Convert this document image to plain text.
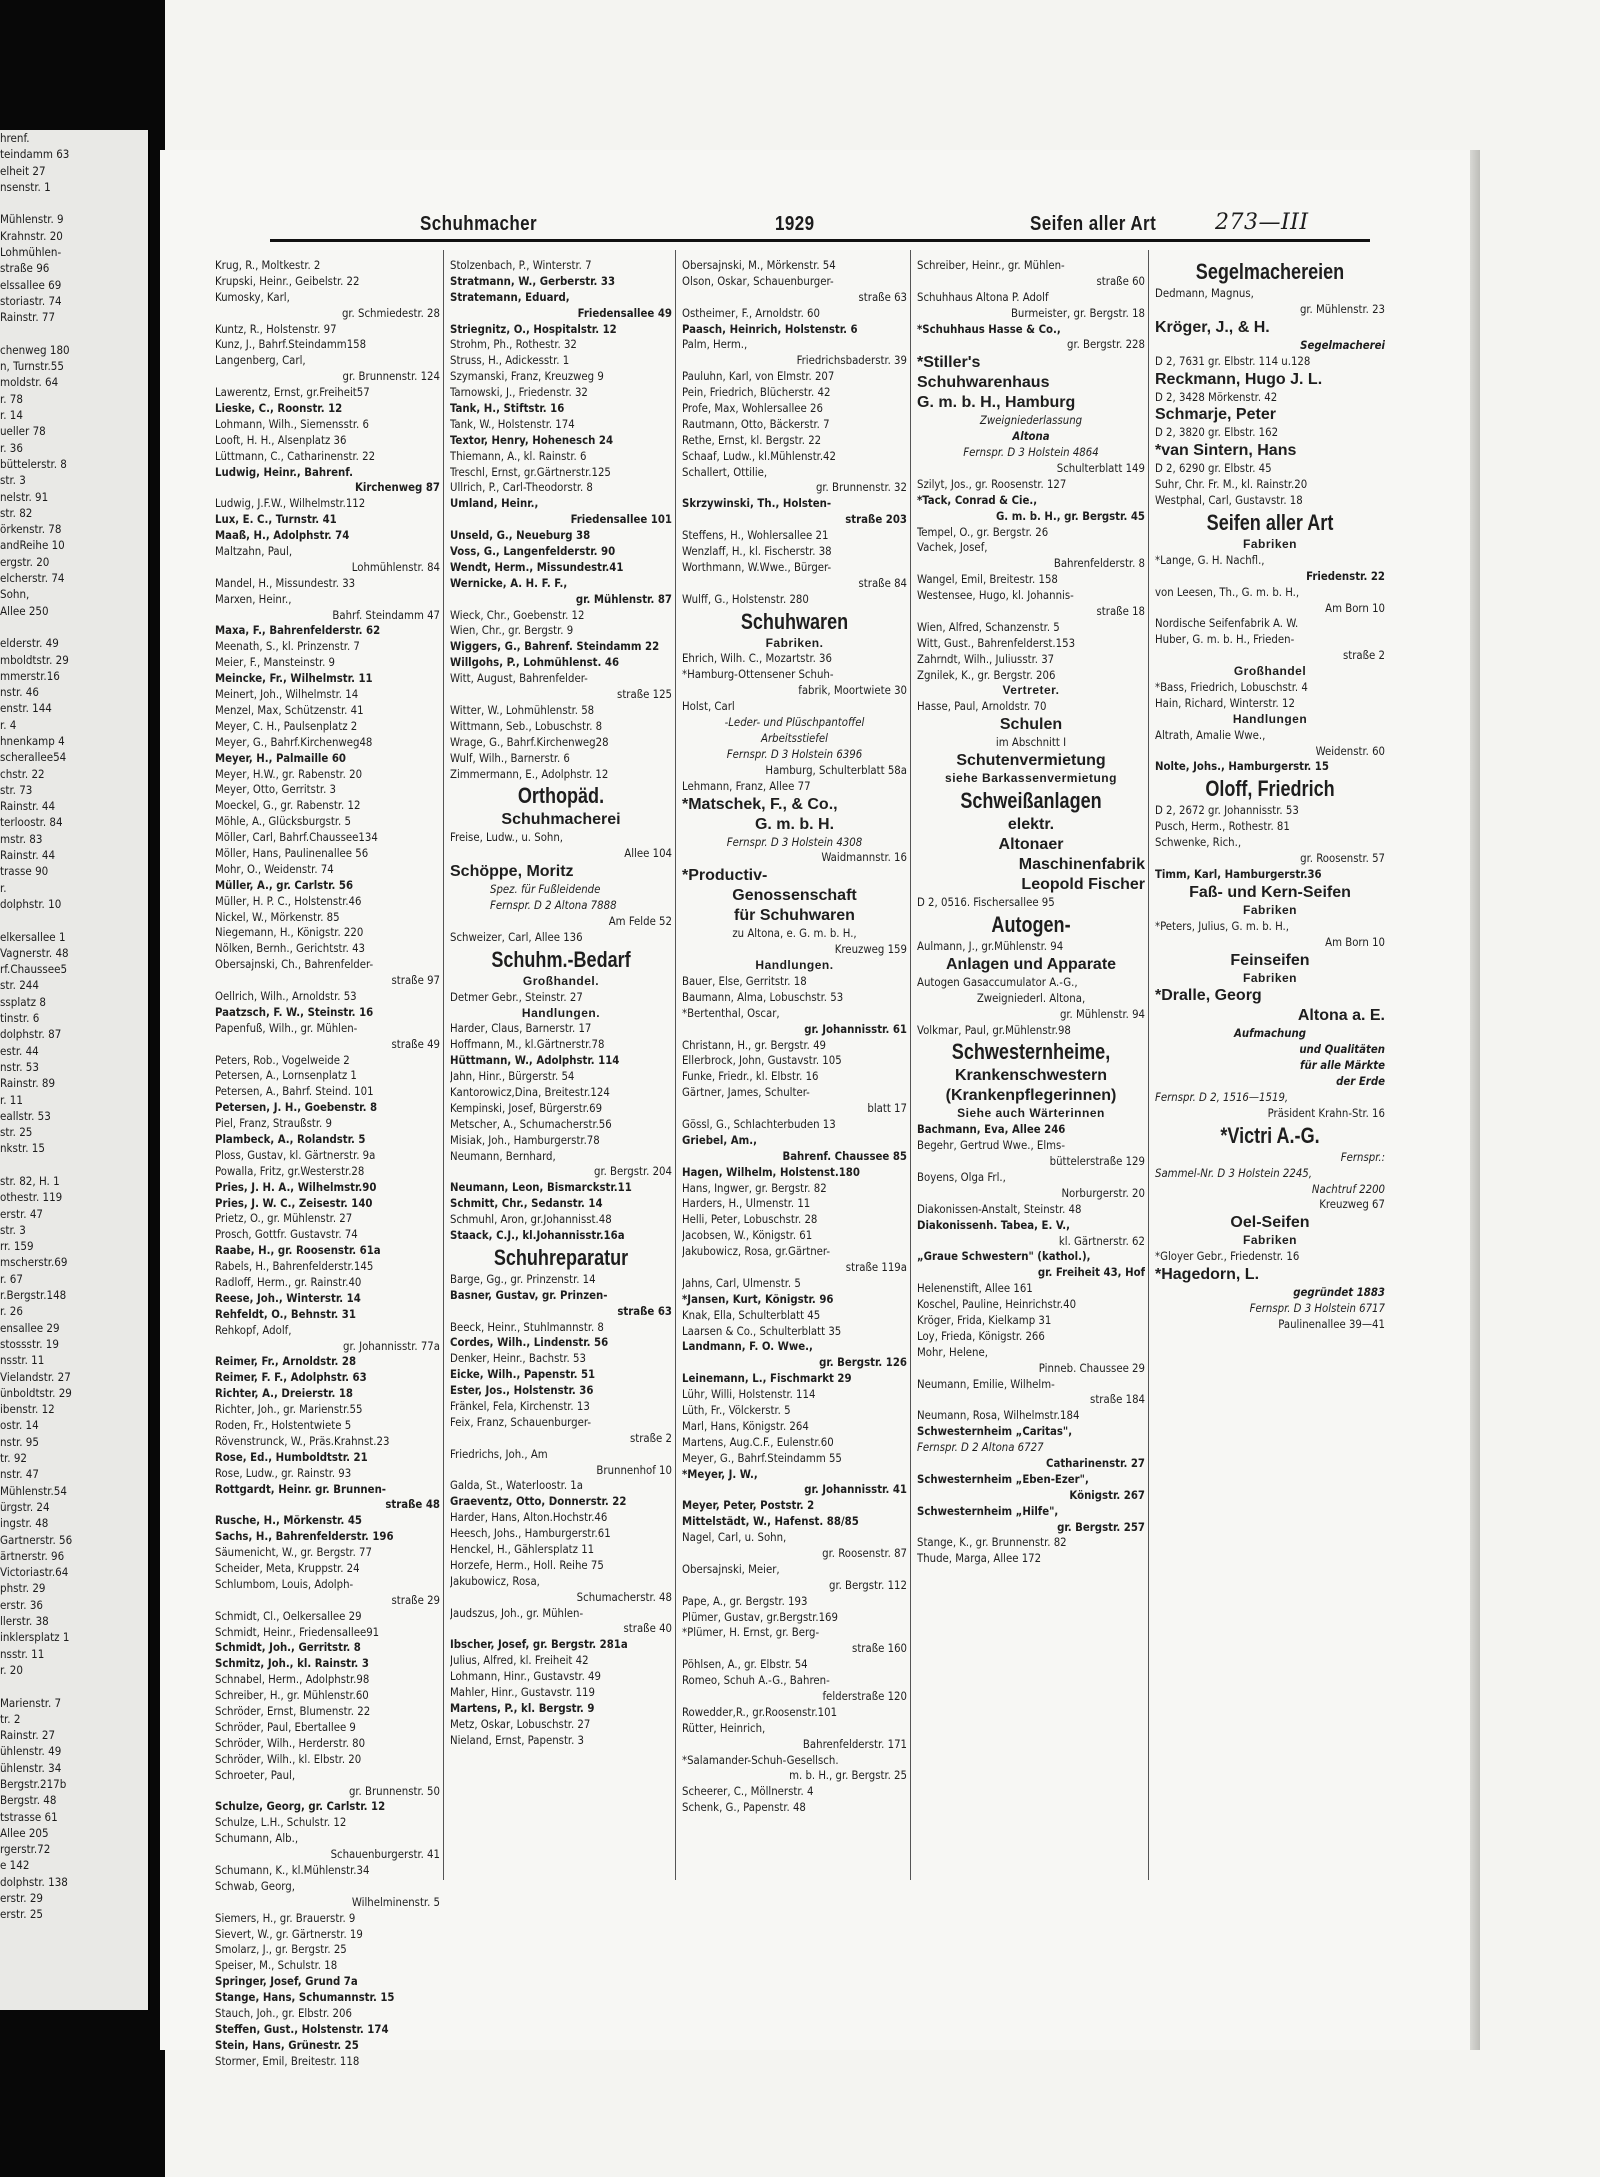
hrenf.
teindamm 63
elheit 27
nsenstr. 1
Mühlenstr. 9
Krahnstr. 20
Lohmühlen-
straße 96
elssallee 69
storiastr. 74
Rainstr. 77
chenweg 180
n, Turnstr.55
moldstr. 64
r. 78
r. 14
ueller 78
r. 36
büttelerstr. 8
str. 3
nelstr. 91
str. 82
örkenstr. 78
andReihe 10
ergstr. 20
elcherstr. 74
Sohn,
Allee 250
elderstr. 49
mboldtstr. 29
mmerstr.16
nstr. 46
enstr. 144
r. 4
hnenkamp 4
scherallee54
chstr. 22
str. 73
Rainstr. 44
terloostr. 84
mstr. 83
Rainstr. 44
trasse 90
r.
dolphstr. 10
elkersallee 1
Vagnerstr. 48
rf.Chaussee5
str. 244
ssplatz 8
tinstr. 6
dolphstr. 87
estr. 44
nstr. 53
Rainstr. 89
r. 11
eallstr. 53
str. 25
nkstr. 15
str. 82, H. 1
othestr. 119
erstr. 47
str. 3
rr. 159
mscherstr.69
r. 67
r.Bergstr.148
r. 26
ensallee 29
stossstr. 19
nsstr. 11
Vielandstr. 27
ünboldtstr. 29
ibenstr. 12
ostr. 14
nstr. 95
tr. 92
nstr. 47
Mühlenstr.54
ürgstr. 24
ingstr. 48
Gartnerstr. 56
ärtnerstr. 96
Victoriastr.64
phstr. 29
erstr. 36
llerstr. 38
inklersplatz 1
nsstr. 11
r. 20
Marienstr. 7
tr. 2
Rainstr. 27
ühlenstr. 49
ühlenstr. 34
Bergstr.217b
Bergstr. 48
tstrasse 61
Allee 205
rgerstr.72
e 142
dolphstr. 138
erstr. 29
erstr. 25
Schuhmacher	1929	Seifen aller Art	273—III
Krug, R., Moltkestr. 2
Krupski, Heinr., Geibelstr. 22
Kumosky, Karl,
gr. Schmiedestr. 28
Kuntz, R., Holstenstr. 97
Kunz, J., Bahrf.Steindamm158
Langenberg, Carl,
gr. Brunnenstr. 124
Lawerentz, Ernst, gr.Freiheit57
Lieske, C., Roonstr. 12
Lohmann, Wilh., Siemensstr. 6
Looft, H. H., Alsenplatz 36
Lüttmann, C., Catharinenstr. 22
Ludwig, Heinr., Bahrenf.
Kirchenweg 87
Ludwig, J.F.W., Wilhelmstr.112
Lux, E. C., Turnstr. 41
Maaß, H., Adolphstr. 74
Maltzahn, Paul,
Lohmühlenstr. 84
Mandel, H., Missundestr. 33
Marxen, Heinr.,
Bahrf. Steindamm 47
Maxa, F., Bahrenfelderstr. 62
Meenath, S., kl. Prinzenstr. 7
Meier, F., Mansteinstr. 9
Meincke, Fr., Wilhelmstr. 11
Meinert, Joh., Wilhelmstr. 14
Menzel, Max, Schützenstr. 41
Meyer, C. H., Paulsenplatz 2
Meyer, G., Bahrf.Kirchenweg48
Meyer, H., Palmaille 60
Meyer, H.W., gr. Rabenstr. 20
Meyer, Otto, Gerritstr. 3
Moeckel, G., gr. Rabenstr. 12
Möhle, A., Glücksburgstr. 5
Möller, Carl, Bahrf.Chaussee134
Möller, Hans, Paulinenallee 56
Mohr, O., Weidenstr. 74
Müller, A., gr. Carlstr. 56
Müller, H. P. C., Holstenstr.46
Nickel, W., Mörkenstr. 85
Niegemann, H., Königstr. 220
Nölken, Bernh., Gerichtstr. 43
Obersajnski, Ch., Bahrenfelder-
straße 97
Oellrich, Wilh., Arnoldstr. 53
Paatzsch, F. W., Steinstr. 16
Papenfuß, Wilh., gr. Mühlen-
straße 49
Peters, Rob., Vogelweide 2
Petersen, A., Lornsenplatz 1
Petersen, A., Bahrf. Steind. 101
Petersen, J. H., Goebenstr. 8
Piel, Franz, Straußstr. 9
Plambeck, A., Rolandstr. 5
Ploss, Gustav, kl. Gärtnerstr. 9a
Powalla, Fritz, gr.Westerstr.28
Pries, J. H. A., Wilhelmstr.90
Pries, J. W. C., Zeisestr. 140
Prietz, O., gr. Mühlenstr. 27
Prosch, Gottfr. Gustavstr. 74
Raabe, H., gr. Roosenstr. 61a
Rabels, H., Bahrenfelderstr.145
Radloff, Herm., gr. Rainstr.40
Reese, Joh., Winterstr. 14
Rehfeldt, O., Behnstr. 31
Rehkopf, Adolf,
gr. Johannisstr. 77a
Reimer, Fr., Arnoldstr. 28
Reimer, F. F., Adolphstr. 63
Richter, A., Dreierstr. 18
Richter, Joh., gr. Marienstr.55
Roden, Fr., Holstentwiete 5
Rövenstrunck, W., Präs.Krahnst.23
Rose, Ed., Humboldtstr. 21
Rose, Ludw., gr. Rainstr. 93
Rottgardt, Heinr. gr. Brunnen-
straße 48
Rusche, H., Mörkenstr. 45
Sachs, H., Bahrenfelderstr. 196
Säumenicht, W., gr. Bergstr. 77
Scheider, Meta, Kruppstr. 24
Schlumbom, Louis, Adolph-
straße 29
Schmidt, Cl., Oelkersallee 29
Schmidt, Heinr., Friedensallee91
Schmidt, Joh., Gerritstr. 8
Schmitz, Joh., kl. Rainstr. 3
Schnabel, Herm., Adolphstr.98
Schreiber, H., gr. Mühlenstr.60
Schröder, Ernst, Blumenstr. 22
Schröder, Paul, Ebertallee 9
Schröder, Wilh., Herderstr. 80
Schröder, Wilh., kl. Elbstr. 20
Schroeter, Paul,
gr. Brunnenstr. 50
Schulze, Georg, gr. Carlstr. 12
Schulze, L.H., Schulstr. 12
Schumann, Alb.,
Schauenburgerstr. 41
Schumann, K., kl.Mühlenstr.34
Schwab, Georg,
Wilhelminenstr. 5
Siemers, H., gr. Brauerstr. 9
Sievert, W., gr. Gärtnerstr. 19
Smolarz, J., gr. Bergstr. 25
Speiser, M., Schulstr. 18
Springer, Josef, Grund 7a
Stange, Hans, Schumannstr. 15
Stauch, Joh., gr. Elbstr. 206
Steffen, Gust., Holstenstr. 174
Stein, Hans, Grünestr. 25
Stormer, Emil, Breitestr. 118
Stolzenbach, P., Winterstr. 7
Stratmann, W., Gerberstr. 33
Stratemann, Eduard,
Friedensallee 49
Striegnitz, O., Hospitalstr. 12
Strohm, Ph., Rothestr. 32
Struss, H., Adickesstr. 1
Szymanski, Franz, Kreuzweg 9
Tarnowski, J., Friedenstr. 32
Tank, H., Stiftstr. 16
Tank, W., Holstenstr. 174
Textor, Henry, Hohenesch 24
Thiemann, A., kl. Rainstr. 6
Treschl, Ernst, gr.Gärtnerstr.125
Ullrich, P., Carl-Theodorstr. 8
Umland, Heinr.,
Friedensallee 101
Unseld, G., Neueburg 38
Voss, G., Langenfelderstr. 90
Wendt, Herm., Missundestr.41
Wernicke, A. H. F. F.,
gr. Mühlenstr. 87
Wieck, Chr., Goebenstr. 12
Wien, Chr., gr. Bergstr. 9
Wiggers, G., Bahrenf. Steindamm 22
Willgohs, P., Lohmühlenst. 46
Witt, August, Bahrenfelder-
straße 125
Witter, W., Lohmühlenstr. 58
Wittmann, Seb., Lobuschstr. 8
Wrage, G., Bahrf.Kirchenweg28
Wulf, Wilh., Barnerstr. 6
Zimmermann, E., Adolphstr. 12
Orthopäd.
Schuhmacherei
Freise, Ludw., u. Sohn,
Allee 104
Schöppe, Moritz
Spez. für Fußleidende
Fernspr. D 2 Altona 7888
Am Felde 52
Schweizer, Carl, Allee 136
Schuhm.-Bedarf
Großhandel.
Detmer Gebr., Steinstr. 27
Handlungen.
Harder, Claus, Barnerstr. 17
Hoffmann, M., kl.Gärtnerstr.78
Hüttmann, W., Adolphstr. 114
Jahn, Hinr., Bürgerstr. 54
Kantorowicz,Dina, Breitestr.124
Kempinski, Josef, Bürgerstr.69
Metscher, A., Schumacherstr.56
Misiak, Joh., Hamburgerstr.78
Neumann, Bernhard,
gr. Bergstr. 204
Neumann, Leon, Bismarckstr.11
Schmitt, Chr., Sedanstr. 14
Schmuhl, Aron, gr.Johannisst.48
Staack, C.J., kl.Johannisstr.16a
Schuhreparatur
Barge, Gg., gr. Prinzenstr. 14
Basner, Gustav, gr. Prinzen-
straße 63
Beeck, Heinr., Stuhlmannstr. 8
Cordes, Wilh., Lindenstr. 56
Denker, Heinr., Bachstr. 53
Eicke, Wilh., Papenstr. 51
Ester, Jos., Holstenstr. 36
Fränkel, Fela, Kirchenstr. 13
Feix, Franz, Schauenburger-
straße 2
Friedrichs, Joh., Am
Brunnenhof 10
Galda, St., Waterloostr. 1a
Graeventz, Otto, Donnerstr. 22
Harder, Hans, Alton.Hochstr.46
Heesch, Johs., Hamburgerstr.61
Henckel, H., Gählersplatz 11
Horzefe, Herm., Holl. Reihe 75
Jakubowicz, Rosa,
Schumacherstr. 48
Jaudszus, Joh., gr. Mühlen-
straße 40
Ibscher, Josef, gr. Bergstr. 281a
Julius, Alfred, kl. Freiheit 42
Lohmann, Hinr., Gustavstr. 49
Mahler, Hinr., Gustavstr. 119
Martens, P., kl. Bergstr. 9
Metz, Oskar, Lobuschstr. 27
Nieland, Ernst, Papenstr. 3
Obersajnski, M., Mörkenstr. 54
Olson, Oskar, Schauenburger-
straße 63
Ostheimer, F., Arnoldstr. 60
Paasch, Heinrich, Holstenstr. 6
Palm, Herm.,
Friedrichsbaderstr. 39
Pauluhn, Karl, von Elmstr. 207
Pein, Friedrich, Blücherstr. 42
Profe, Max, Wohlersallee 26
Rautmann, Otto, Bäckerstr. 7
Rethe, Ernst, kl. Bergstr. 22
Schaaf, Ludw., kl.Mühlenstr.42
Schallert, Ottilie,
gr. Brunnenstr. 32
Skrzywinski, Th., Holsten-
straße 203
Steffens, H., Wohlersallee 21
Wenzlaff, H., kl. Fischerstr. 38
Worthmann, W.Wwe., Bürger-
straße 84
Wulff, G., Holstenstr. 280
Schuhwaren
Fabriken.
Ehrich, Wilh. C., Mozartstr. 36
*Hamburg-Ottensener Schuh-
fabrik, Moortwiete 30
Holst, Carl
-Leder- und Plüschpantoffel
Arbeitsstiefel
Fernspr. D 3 Holstein 6396
Hamburg, Schulterblatt 58a
Lehmann, Franz, Allee 77
*Matschek, F., & Co.,
G. m. b. H.
Fernspr. D 3 Holstein 4308
Waidmannstr. 16
*Productiv-
Genossenschaft
für Schuhwaren
zu Altona, e. G. m. b. H.,
Kreuzweg 159
Handlungen.
Bauer, Else, Gerritstr. 18
Baumann, Alma, Lobuschstr. 53
*Bertenthal, Oscar,
gr. Johannisstr. 61
Christann, H., gr. Bergstr. 49
Ellerbrock, John, Gustavstr. 105
Funke, Friedr., kl. Elbstr. 16
Gärtner, James, Schulter-
blatt 17
Gössl, G., Schlachterbuden 13
Griebel, Am.,
Bahrenf. Chaussee 85
Hagen, Wilhelm, Holstenst.180
Hans, Ingwer, gr. Bergstr. 82
Harders, H., Ulmenstr. 11
Helli, Peter, Lobuschstr. 28
Jacobsen, W., Königstr. 61
Jakubowicz, Rosa, gr.Gärtner-
straße 119a
Jahns, Carl, Ulmenstr. 5
*Jansen, Kurt, Königstr. 96
Knak, Ella, Schulterblatt 45
Laarsen & Co., Schulterblatt 35
Landmann, F. O. Wwe.,
gr. Bergstr. 126
Leinemann, L., Fischmarkt 29
Lühr, Willi, Holstenstr. 114
Lüth, Fr., Völckerstr. 5
Marl, Hans, Königstr. 264
Martens, Aug.C.F., Eulenstr.60
Meyer, G., Bahrf.Steindamm 55
*Meyer, J. W.,
gr. Johannisstr. 41
Meyer, Peter, Poststr. 2
Mittelstädt, W., Hafenst. 88/85
Nagel, Carl, u. Sohn,
gr. Roosenstr. 87
Obersajnski, Meier,
gr. Bergstr. 112
Pape, A., gr. Bergstr. 193
Plümer, Gustav, gr.Bergstr.169
*Plümer, H. Ernst, gr. Berg-
straße 160
Pöhlsen, A., gr. Elbstr. 54
Romeo, Schuh A.-G., Bahren-
felderstraße 120
Rowedder,R., gr.Roosenstr.101
Rütter, Heinrich,
Bahrenfelderstr. 171
*Salamander-Schuh-Gesellsch.
m. b. H., gr. Bergstr. 25
Scheerer, C., Möllnerstr. 4
Schenk, G., Papenstr. 48
Schreiber, Heinr., gr. Mühlen-
straße 60
Schuhhaus Altona P. Adolf
Burmeister, gr. Bergstr. 18
*Schuhhaus Hasse & Co.,
gr. Bergstr. 228
*Stiller's
Schuhwarenhaus
G. m. b. H., Hamburg
Zweigniederlassung
Altona
Fernspr. D 3 Holstein 4864
Schulterblatt 149
Szilyt, Jos., gr. Roosenstr. 127
*Tack, Conrad & Cie.,
G. m. b. H., gr. Bergstr. 45
Tempel, O., gr. Bergstr. 26
Vachek, Josef,
Bahrenfelderstr. 8
Wangel, Emil, Breitestr. 158
Westensee, Hugo, kl. Johannis-
straße 18
Wien, Alfred, Schanzenstr. 5
Witt, Gust., Bahrenfelderst.153
Zahrndt, Wilh., Juliusstr. 37
Zgnilek, K., gr. Bergstr. 206
Vertreter.
Hasse, Paul, Arnoldstr. 70
Schulen
im Abschnitt I
Schutenvermietung
siehe Barkassenvermietung
Schweißanlagen
elektr.
Altonaer
Maschinenfabrik
Leopold Fischer
D 2, 0516. Fischersallee 95
Autogen-
Aulmann, J., gr.Mühlenstr. 94
Anlagen und Apparate
Autogen Gasaccumulator A.-G.,
Zweigniederl. Altona,
gr. Mühlenstr. 94
Volkmar, Paul, gr.Mühlenstr.98
Schwesternheime,
Krankenschwestern
(Krankenpflegerinnen)
Siehe auch Wärterinnen
Bachmann, Eva, Allee 246
Begehr, Gertrud Wwe., Elms-
büttelerstraße 129
Boyens, Olga Frl.,
Norburgerstr. 20
Diakonissen-Anstalt, Steinstr. 48
Diakonissenh. Tabea, E. V.,
kl. Gärtnerstr. 62
„Graue Schwestern" (kathol.),
gr. Freiheit 43, Hof
Helenenstift, Allee 161
Koschel, Pauline, Heinrichstr.40
Kröger, Frida, Kielkamp 31
Loy, Frieda, Königstr. 266
Mohr, Helene,
Pinneb. Chaussee 29
Neumann, Emilie, Wilhelm-
straße 184
Neumann, Rosa, Wilhelmstr.184
Schwesternheim „Caritas",
Fernspr. D 2 Altona 6727
Catharinenstr. 27
Schwesternheim „Eben-Ezer",
Königstr. 267
Schwesternheim „Hilfe",
gr. Bergstr. 257
Stange, K., gr. Brunnenstr. 82
Thude, Marga, Allee 172
Segelmachereien
Dedmann, Magnus,
gr. Mühlenstr. 23
Kröger, J., & H.
Segelmacherei
D 2, 7631 gr. Elbstr. 114 u.128
Reckmann, Hugo J. L.
D 2, 3428 Mörkenstr. 42
Schmarje, Peter
D 2, 3820 gr. Elbstr. 162
*van Sintern, Hans
D 2, 6290 gr. Elbstr. 45
Suhr, Chr. Fr. M., kl. Rainstr.20
Westphal, Carl, Gustavstr. 18
Seifen aller Art
Fabriken
*Lange, G. H. Nachfl.,
Friedenstr. 22
von Leesen, Th., G. m. b. H.,
Am Born 10
Nordische Seifenfabrik A. W.
Huber, G. m. b. H., Frieden-
straße 2
Großhandel
*Bass, Friedrich, Lobuschstr. 4
Hain, Richard, Winterstr. 12
Handlungen
Altrath, Amalie Wwe.,
Weidenstr. 60
Nolte, Johs., Hamburgerstr. 15
Oloff, Friedrich
D 2, 2672 gr. Johannisstr. 53
Pusch, Herm., Rothestr. 81
Schwenke, Rich.,
gr. Roosenstr. 57
Timm, Karl, Hamburgerstr.36
Faß- und Kern-Seifen
Fabriken
*Peters, Julius, G. m. b. H.,
Am Born 10
Feinseifen
Fabriken
*Dralle, Georg
Altona a. E.
Aufmachung
und Qualitäten
für alle Märkte
der Erde
Fernspr. D 2, 1516—1519,
Präsident Krahn-Str. 16
*Victri A.-G.
Fernspr.:
Sammel-Nr. D 3 Holstein 2245,
Nachtruf 2200
Kreuzweg 67
Oel-Seifen
Fabriken
*Gloyer Gebr., Friedenstr. 16
*Hagedorn, L.
gegründet 1883
Fernspr. D 3 Holstein 6717
Paulinenallee 39—41
